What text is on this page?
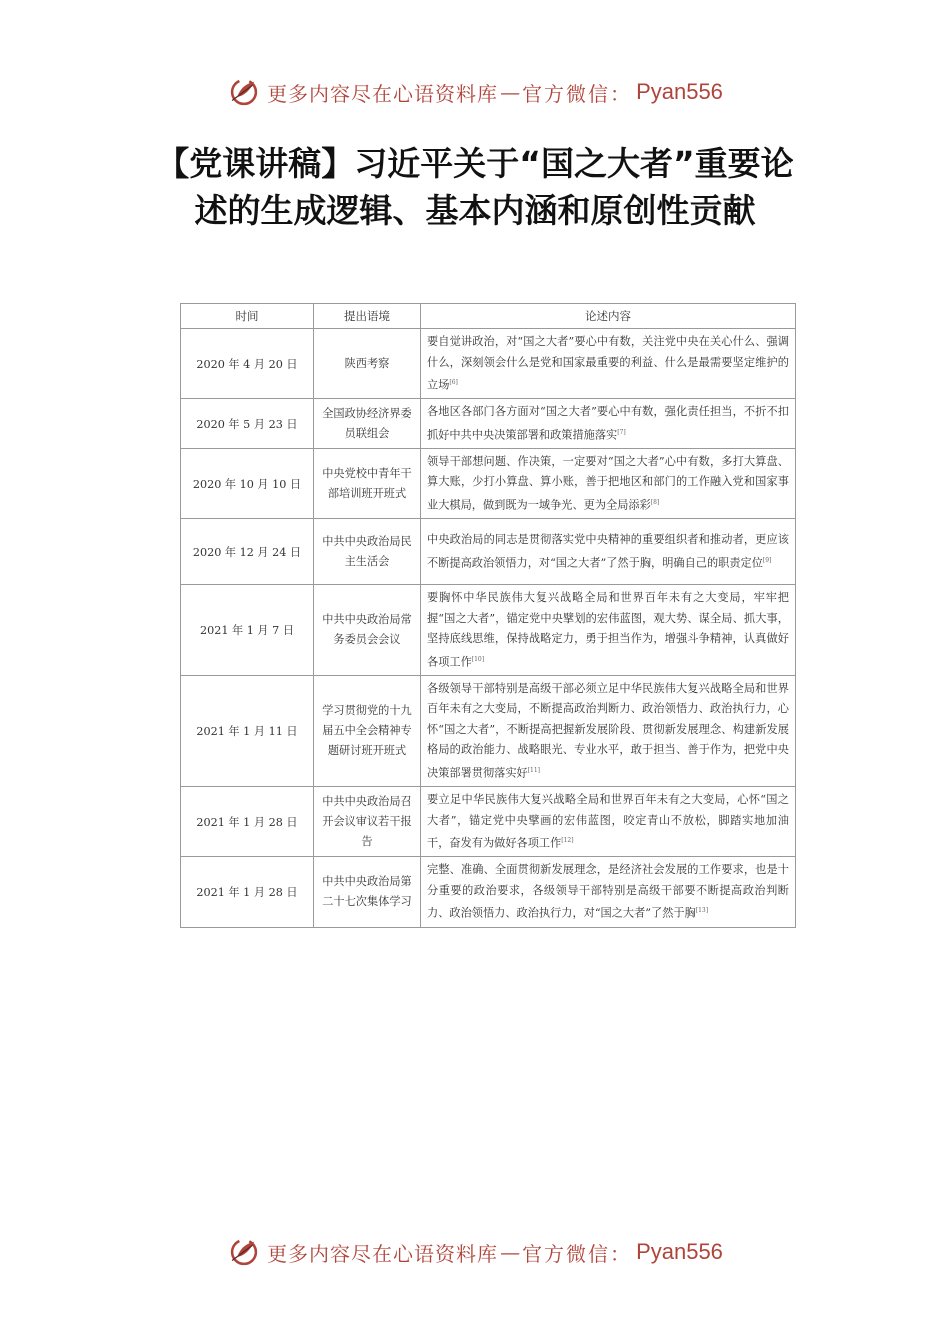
更多内容尽在心语资料库 — 官方微信： Pyan556
【党课讲稿】习近平关于“国之大者”重要论
述的生成逻辑、基本内涵和原创性贡献
时间	提出语境	论述内容
2020 年 4 月 20 日	陕西考察	要自觉讲政治，对“国之大者”要心中有数，关注党中央在关心什么、强调什么，深刻领会什么是党和国家最重要的利益、什么是最需要坚定维护的立场[6]
2020 年 5 月 23 日	全国政协经济界委员联组会	各地区各部门各方面对“国之大者”要心中有数，强化责任担当，不折不扣抓好中共中央决策部署和政策措施落实[7]
2020 年 10 月 10 日	中央党校中青年干部培训班开班式	领导干部想问题、作决策，一定要对“国之大者”心中有数，多打大算盘、算大账，少打小算盘、算小账，善于把地区和部门的工作融入党和国家事业大棋局，做到既为一域争光、更为全局添彩[8]
2020 年 12 月 24 日	中共中央政治局民主生活会	中央政治局的同志是贯彻落实党中央精神的重要组织者和推动者，更应该不断提高政治领悟力，对“国之大者”了然于胸，明确自己的职责定位[9]
2021 年 1 月 7 日	中共中央政治局常务委员会会议	要胸怀中华民族伟大复兴战略全局和世界百年未有之大变局，牢牢把握“国之大者”，锚定党中央擘划的宏伟蓝图，观大势、谋全局、抓大事，坚持底线思维，保持战略定力，勇于担当作为，增强斗争精神，认真做好各项工作[10]
2021 年 1 月 11 日	学习贯彻党的十九届五中全会精神专题研讨班开班式	各级领导干部特别是高级干部必须立足中华民族伟大复兴战略全局和世界百年未有之大变局，不断提高政治判断力、政治领悟力、政治执行力，心怀“国之大者”，不断提高把握新发展阶段、贯彻新发展理念、构建新发展格局的政治能力、战略眼光、专业水平，敢于担当、善于作为，把党中央决策部署贯彻落实好[11]
2021 年 1 月 28 日	中共中央政治局召开会议审议若干报告	要立足中华民族伟大复兴战略全局和世界百年未有之大变局，心怀“国之大者”，锚定党中央擘画的宏伟蓝图，咬定青山不放松，脚踏实地加油干，奋发有为做好各项工作[12]
2021 年 1 月 28 日	中共中央政治局第二十七次集体学习	完整、准确、全面贯彻新发展理念，是经济社会发展的工作要求，也是十分重要的政治要求，各级领导干部特别是高级干部要不断提高政治判断力、政治领悟力、政治执行力，对“国之大者”了然于胸[13]
更多内容尽在心语资料库 — 官方微信： Pyan556
